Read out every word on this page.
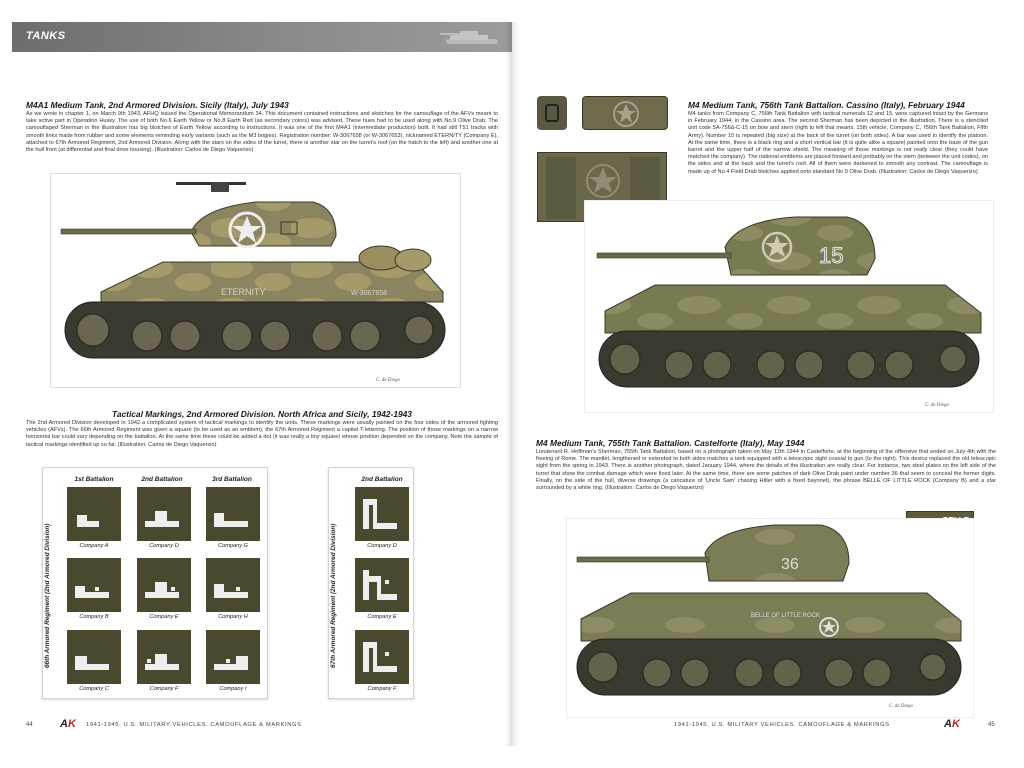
TANKS
M4A1 Medium Tank, 2nd Armored Division. Sicily (Italy), July 1943

As we wrote in chapter 1, on March 9th 1943, AFHQ issued the Operational Memorandum 34. This document contained instructions and sketches for the camouflage of the AFVs meant to take active part in Operation Husky. The use of both No.6 Earth Yellow or No.8 Earth Red (as secondary colors) was advised. These hues had to be used along with No.9 Olive Drab. The camouflaged Sherman in the illustration has big blotches of Earth Yellow according to instructions. It was one of the first M4A1 (intermediate production) built. It had still T51 tracks with smooth links made from rubber and some elements reminding early variants (such as the M3 bogies). Registration number: W-3067658 (or W-3067653), nicknamed ETERNITY (Company E), attached to 67th Armored Regiment, 2nd Armored Division. Along with the stars on the sides of the turret, there is another star on the turret's roof (on the hatch to the left) and another one at the hull front (at differential and final drive housing). (Illustration: Carlos de Diego Vaquerizo)

ETERNITY	W-3067658
C. de Diego
Tactical Markings, 2nd Armored Division. North Africa and Sicily, 1942-1943

The 2nd Armored Division developed in 1942 a complicated system of tactical markings to identify the units. These markings were usually painted on the four sides of the armored fighting vehicles (AFVs). The 66th Armored Regiment was given a square (to be used as an emblem), the 67th Armored Regiment a capital T-lettering. The position of those markings on a narrow horizontal bar could vary depending on the battalion. At the same time these could be added a dot (it was really a tiny square) whose position depended on the company. Note the sample of tactical markings identified up so far. (Illustration: Carlos de Diego Vaquerizo)

66th Armored Regiment (2nd Armored Division)
1st Battalion	2nd Battalion	3rd Battalion
Company A	Company D	Company G
Company B	Company E	Company H
Company C	Company F	Company I
67th Armored Regiment (2nd Armored Division)
2nd Battalion
Company D
Company E
Company F
44 AK 1941-1945. U.S. MILITARY VEHICLES. CAMOUFLAGE & MARKINGS
M4 Medium Tank, 756th Tank Battalion. Cassino (Italy), February 1944

M4 tanks from Company C, 756th Tank Battalion with tactical numerals 12 and 15, were captured intact by the Germans in February 1944, in the Cassino area. The second Sherman has been depicted in the illustration. There is a stenciled unit code 5A-756∆-C-15 on bow and stern (right to left that means: 15th vehicle, Company C, 756th Tank Battalion, Fifth Army). Number 15 is repeated (big size) at the back of the turret (on both sides). A bar was used to identify the platoon. At the same time, there is a black ring and a short vertical bar (it is quite alike a square) painted onto the base of the gun barrel and the upper half of the narrow shield. The meaning of those markings is not really clear (they could have matched the company). The national emblems are placed forward and probably on the stern (between the unit codes), on the sides and at the back and the turret's roof. All of them were darkened to smooth any contrast. The camouflage is made up of No.4 Field Drab blotches applied onto standard No.9 Olive Drab. (Illustration: Carlos de Diego Vaquerizo)

15
C. de Diego
M4 Medium Tank, 755th Tank Battalion. Castelforte (Italy), May 1944

Lieutenant R. Hoffman's Sherman, 755th Tank Battalion, based on a photograph taken on May 12th 1944 in Castelforte, at the beginning of the offensive that ended on July 4th with the freeing of Rome. The mantlet, lengthened or extended to both sides matches a tank equipped with a telescopic sight coaxial to gun (to the right). This device replaced the old telescopic sight from the spring in 1943. There is another photograph, dated January 1944, where the details of the illustration are really clear. For instance, two steel plates on the left side of the turret that show the combat damage which were fixed later. At the same time, there are some patches of dark Olive Drab paint under number 36 that seem to conceal the former digits. Finally, on the side of the hull, diverse drawings (a caricature of 'Uncle Sam' chasing Hitler with a fixed bayonet), the phrase BELLE OF LITTLE ROCK (Company B) and a star surrounded by a white ring. (Illustration: Carlos de Diego Vaquerizo)

36
BELLE OF LITTLE ROCK
C. de Diego
1941-1945. U.S. MILITARY VEHICLES. CAMOUFLAGE & MARKINGS	AK	45
